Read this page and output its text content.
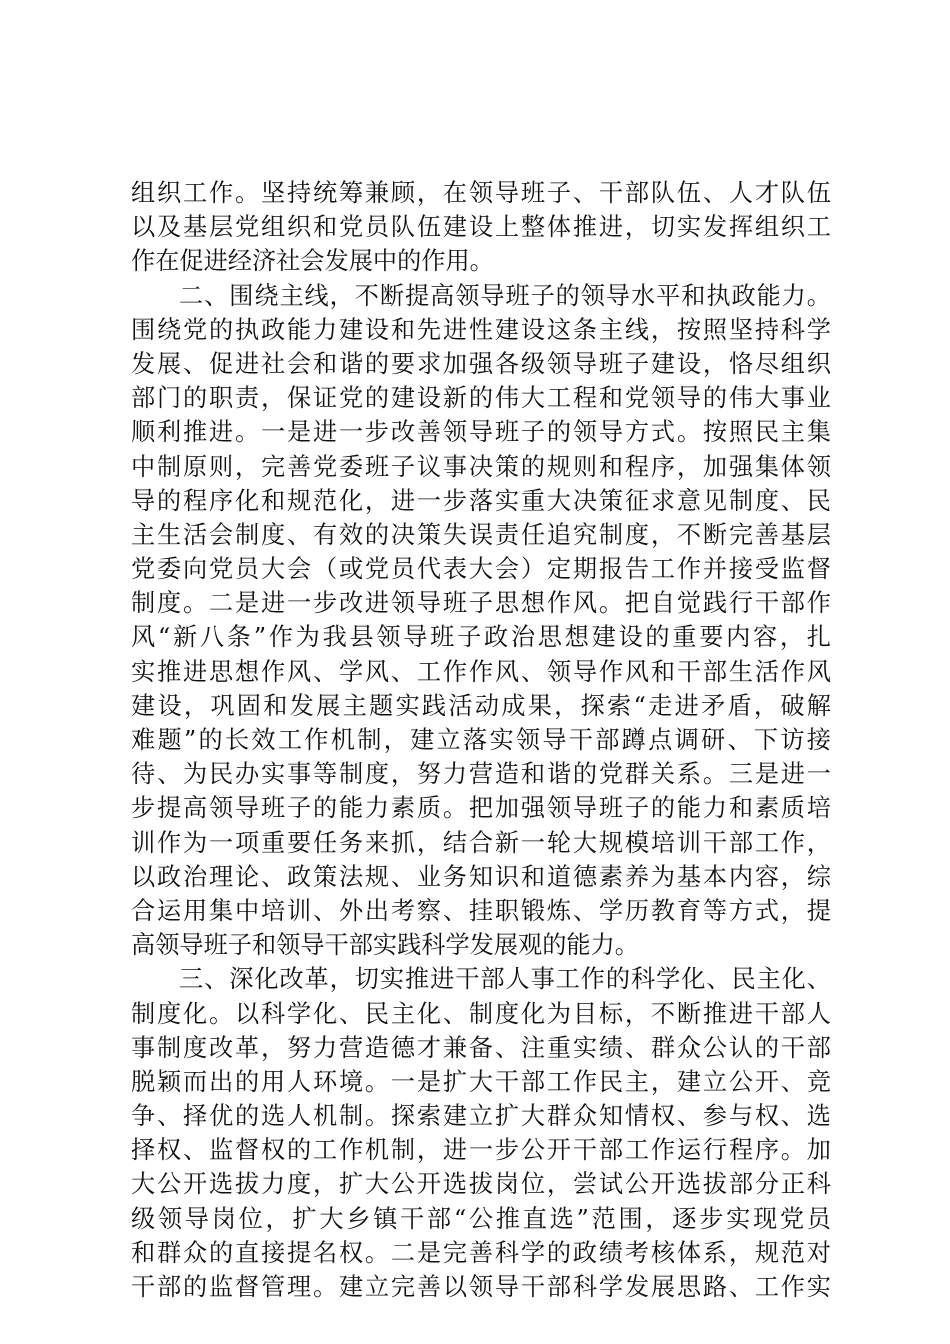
组织工作。坚持统筹兼顾，在领导班子、干部队伍、人才队伍
以及基层党组织和党员队伍建设上整体推进，切实发挥组织工
作在促进经济社会发展中的作用。
二、围绕主线，不断提高领导班子的领导水平和执政能力。
围绕党的执政能力建设和先进性建设这条主线，按照坚持科学
发展、促进社会和谐的要求加强各级领导班子建设，恪尽组织
部门的职责，保证党的建设新的伟大工程和党领导的伟大事业
顺利推进。一是进一步改善领导班子的领导方式。按照民主集
中制原则，完善党委班子议事决策的规则和程序，加强集体领
导的程序化和规范化，进一步落实重大决策征求意见制度、民
主生活会制度、有效的决策失误责任追究制度，不断完善基层
党委向党员大会（或党员代表大会）定期报告工作并接受监督
制度。二是进一步改进领导班子思想作风。把自觉践行干部作
风“新八条”作为我县领导班子政治思想建设的重要内容，扎
实推进思想作风、学风、工作作风、领导作风和干部生活作风
建设，巩固和发展主题实践活动成果，探索“走进矛盾，破解
难题”的长效工作机制，建立落实领导干部蹲点调研、下访接
待、为民办实事等制度，努力营造和谐的党群关系。三是进一
步提高领导班子的能力素质。把加强领导班子的能力和素质培
训作为一项重要任务来抓，结合新一轮大规模培训干部工作，
以政治理论、政策法规、业务知识和道德素养为基本内容，综
合运用集中培训、外出考察、挂职锻炼、学历教育等方式，提
高领导班子和领导干部实践科学发展观的能力。
三、深化改革，切实推进干部人事工作的科学化、民主化、
制度化。以科学化、民主化、制度化为目标，不断推进干部人
事制度改革，努力营造德才兼备、注重实绩、群众公认的干部
脱颖而出的用人环境。一是扩大干部工作民主，建立公开、竞
争、择优的选人机制。探索建立扩大群众知情权、参与权、选
择权、监督权的工作机制，进一步公开干部工作运行程序。加
大公开选拔力度，扩大公开选拔岗位，尝试公开选拔部分正科
级领导岗位，扩大乡镇干部“公推直选”范围，逐步实现党员
和群众的直接提名权。二是完善科学的政绩考核体系，规范对
干部的监督管理。建立完善以领导干部科学发展思路、工作实
